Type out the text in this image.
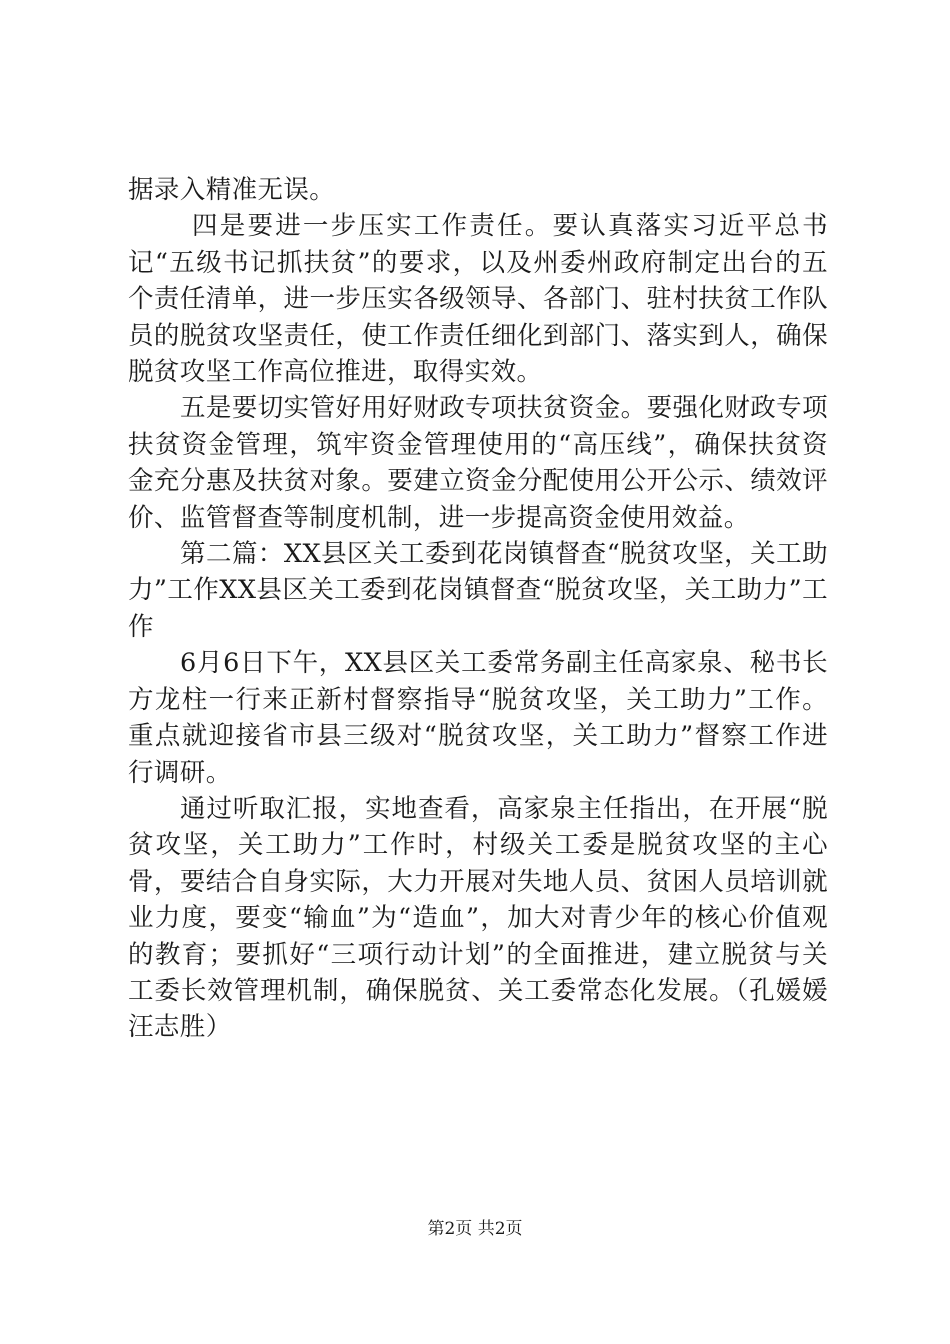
据录入精准无误。

四是要进一步压实工作责任。要认真落实习近平总书记“五级书记抓扶贫”的要求，以及州委州政府制定出台的五个责任清单，进一步压实各级领导、各部门、驻村扶贫工作队员的脱贫攻坚责任，使工作责任细化到部门、落实到人，确保脱贫攻坚工作高位推进，取得实效。

五是要切实管好用好财政专项扶贫资金。要强化财政专项扶贫资金管理，筑牢资金管理使用的“高压线”，确保扶贫资金充分惠及扶贫对象。要建立资金分配使用公开公示、绩效评价、监管督查等制度机制，进一步提高资金使用效益。

第二篇：XX县区关工委到花岗镇督查“脱贫攻坚，关工助力”工作XX县区关工委到花岗镇督查“脱贫攻坚，关工助力”工作

6月6日下午，XX县区关工委常务副主任高家泉、秘书长方龙柱一行来正新村督察指导“脱贫攻坚，关工助力”工作。重点就迎接省市县三级对“脱贫攻坚，关工助力”督察工作进行调研。

通过听取汇报，实地查看，高家泉主任指出，在开展“脱贫攻坚，关工助力”工作时，村级关工委是脱贫攻坚的主心骨，要结合自身实际，大力开展对失地人员、贫困人员培训就业力度，要变“输血”为“造血”，加大对青少年的核心价值观的教育；要抓好“三项行动计划”的全面推进，建立脱贫与关工委长效管理机制，确保脱贫、关工委常态化发展。（孔媛媛汪志胜）

第2页 共2页
